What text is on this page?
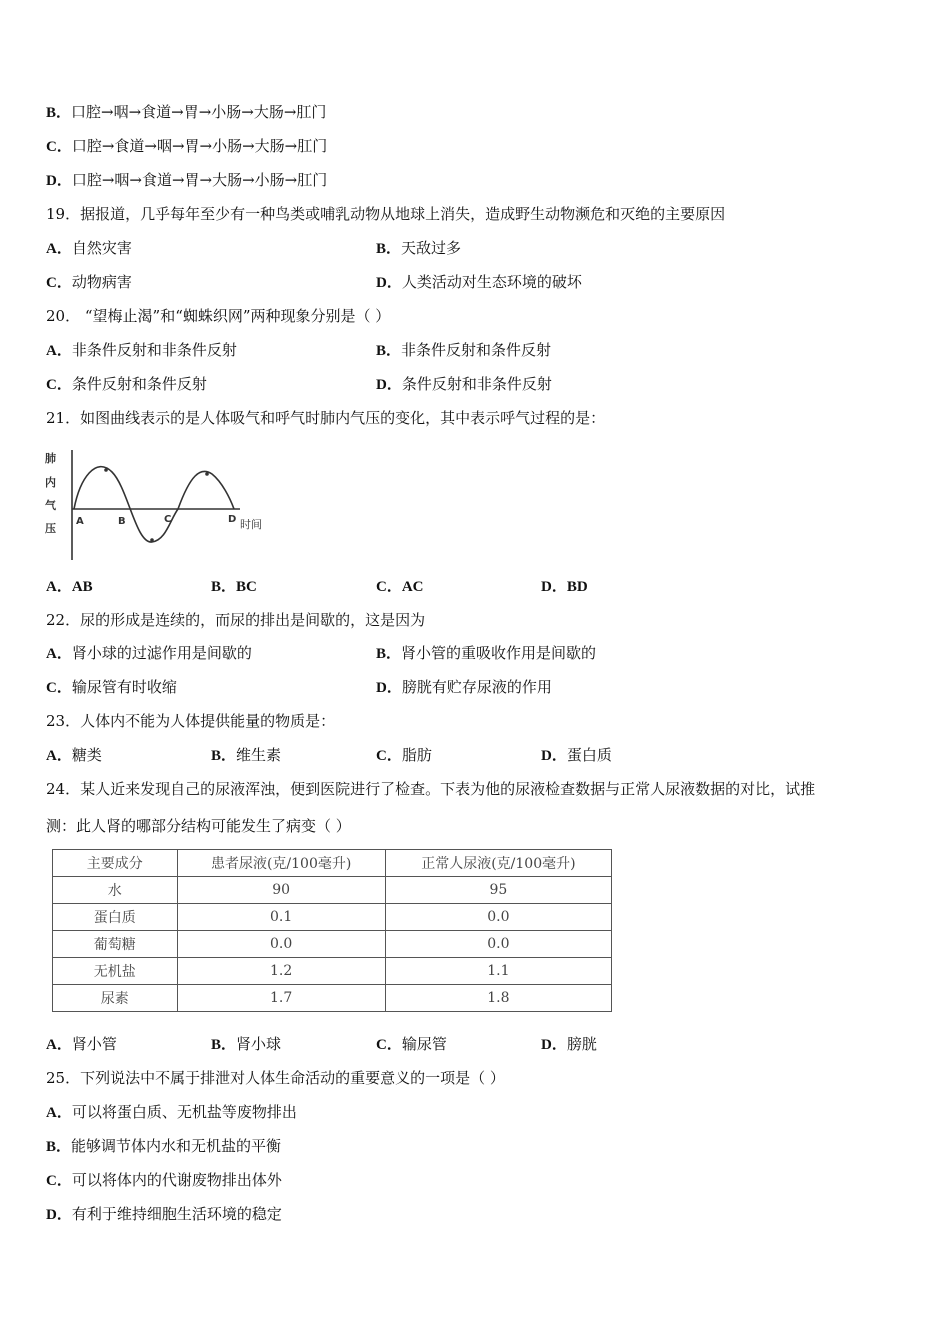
B．口腔→咽→食道→胃→小肠→大肠→肛门
C．口腔→食道→咽→胃→小肠→大肠→肛门
D．口腔→咽→食道→胃→大肠→小肠→肛门
19．据报道，几乎每年至少有一种鸟类或哺乳动物从地球上消失，造成野生动物濒危和灭绝的主要原因
A．自然灾害	B．天敌过多
C．动物病害	D．人类活动对生态环境的破坏
20． “望梅止渴”和“蜘蛛织网”两种现象分别是（ ）
A．非条件反射和非条件反射	B．非条件反射和条件反射
C．条件反射和条件反射	D．条件反射和非条件反射
21．如图曲线表示的是人体吸气和呼气时肺内气压的变化，其中表示呼气过程的是：
肺
内
气
压
A	B	C	D 时间
A．AB	B．BC	C．AC	D．BD
22．尿的形成是连续的，而尿的排出是间歇的，这是因为
A．肾小球的过滤作用是间歇的	B．肾小管的重吸收作用是间歇的
C．输尿管有时收缩	D．膀胱有贮存尿液的作用
23．人体内不能为人体提供能量的物质是：
A．糖类	B．维生素	C．脂肪	D．蛋白质
24．某人近来发现自己的尿液浑浊，便到医院进行了检查。下表为他的尿液检查数据与正常人尿液数据的对比，试推
测：此人肾的哪部分结构可能发生了病变（ ）
主要成分	患者尿液(克/100毫升)	正常人尿液(克/100毫升)
水	90	95
蛋白质	0.1	0.0
葡萄糖	0.0	0.0
无机盐	1.2	1.1
尿素	1.7	1.8
A．肾小管	B．肾小球	C．输尿管	D．膀胱
25．下列说法中不属于排泄对人体生命活动的重要意义的一项是（ ）
A．可以将蛋白质、无机盐等废物排出
B．能够调节体内水和无机盐的平衡
C．可以将体内的代谢废物排出体外
D．有利于维持细胞生活环境的稳定
